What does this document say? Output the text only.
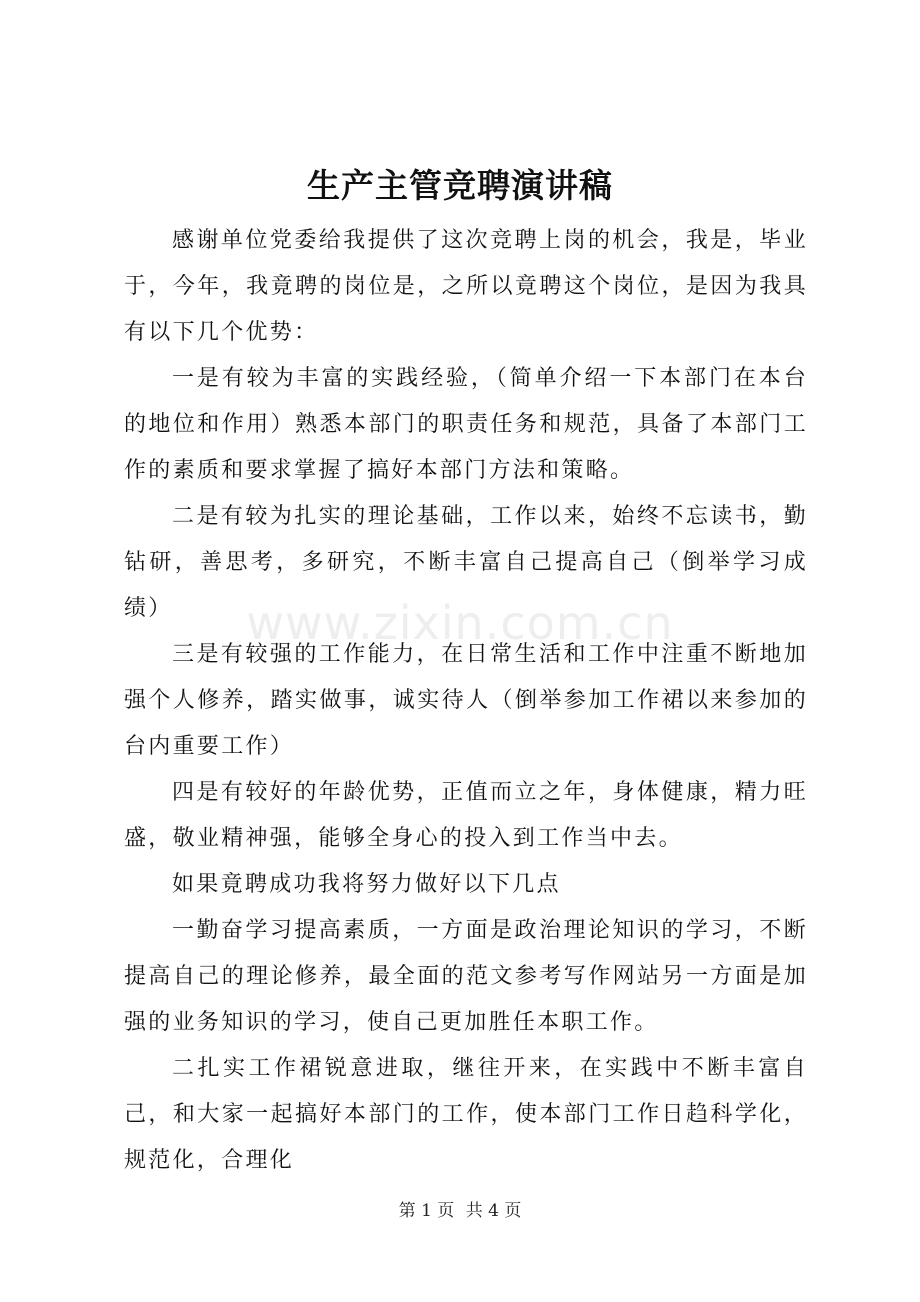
www.zixin.com.cn
生产主管竞聘演讲稿

感谢单位党委给我提供了这次竞聘上岗的机会，我是，毕业于，今年，我竟聘的岗位是，之所以竟聘这个岗位，是因为我具有以下几个优势：

一是有较为丰富的实践经验，（简单介绍一下本部门在本台的地位和作用）熟悉本部门的职责任务和规范，具备了本部门工作的素质和要求掌握了搞好本部门方法和策略。

二是有较为扎实的理论基础，工作以来，始终不忘读书，勤钻研，善思考，多研究，不断丰富自己提高自己（倒举学习成绩）

三是有较强的工作能力，在日常生活和工作中注重不断地加强个人修养，踏实做事，诚实待人（倒举参加工作裙以来参加的台内重要工作）

四是有较好的年龄优势，正值而立之年，身体健康，精力旺盛，敬业精神强，能够全身心的投入到工作当中去。

如果竟聘成功我将努力做好以下几点

一勤奋学习提高素质，一方面是政治理论知识的学习，不断提高自己的理论修养，最全面的范文参考写作网站另一方面是加强的业务知识的学习，使自己更加胜任本职工作。

二扎实工作裙锐意进取，继往开来，在实践中不断丰富自己，和大家一起搞好本部门的工作，使本部门工作日趋科学化，规范化，合理化

第 1 页 共 4 页
